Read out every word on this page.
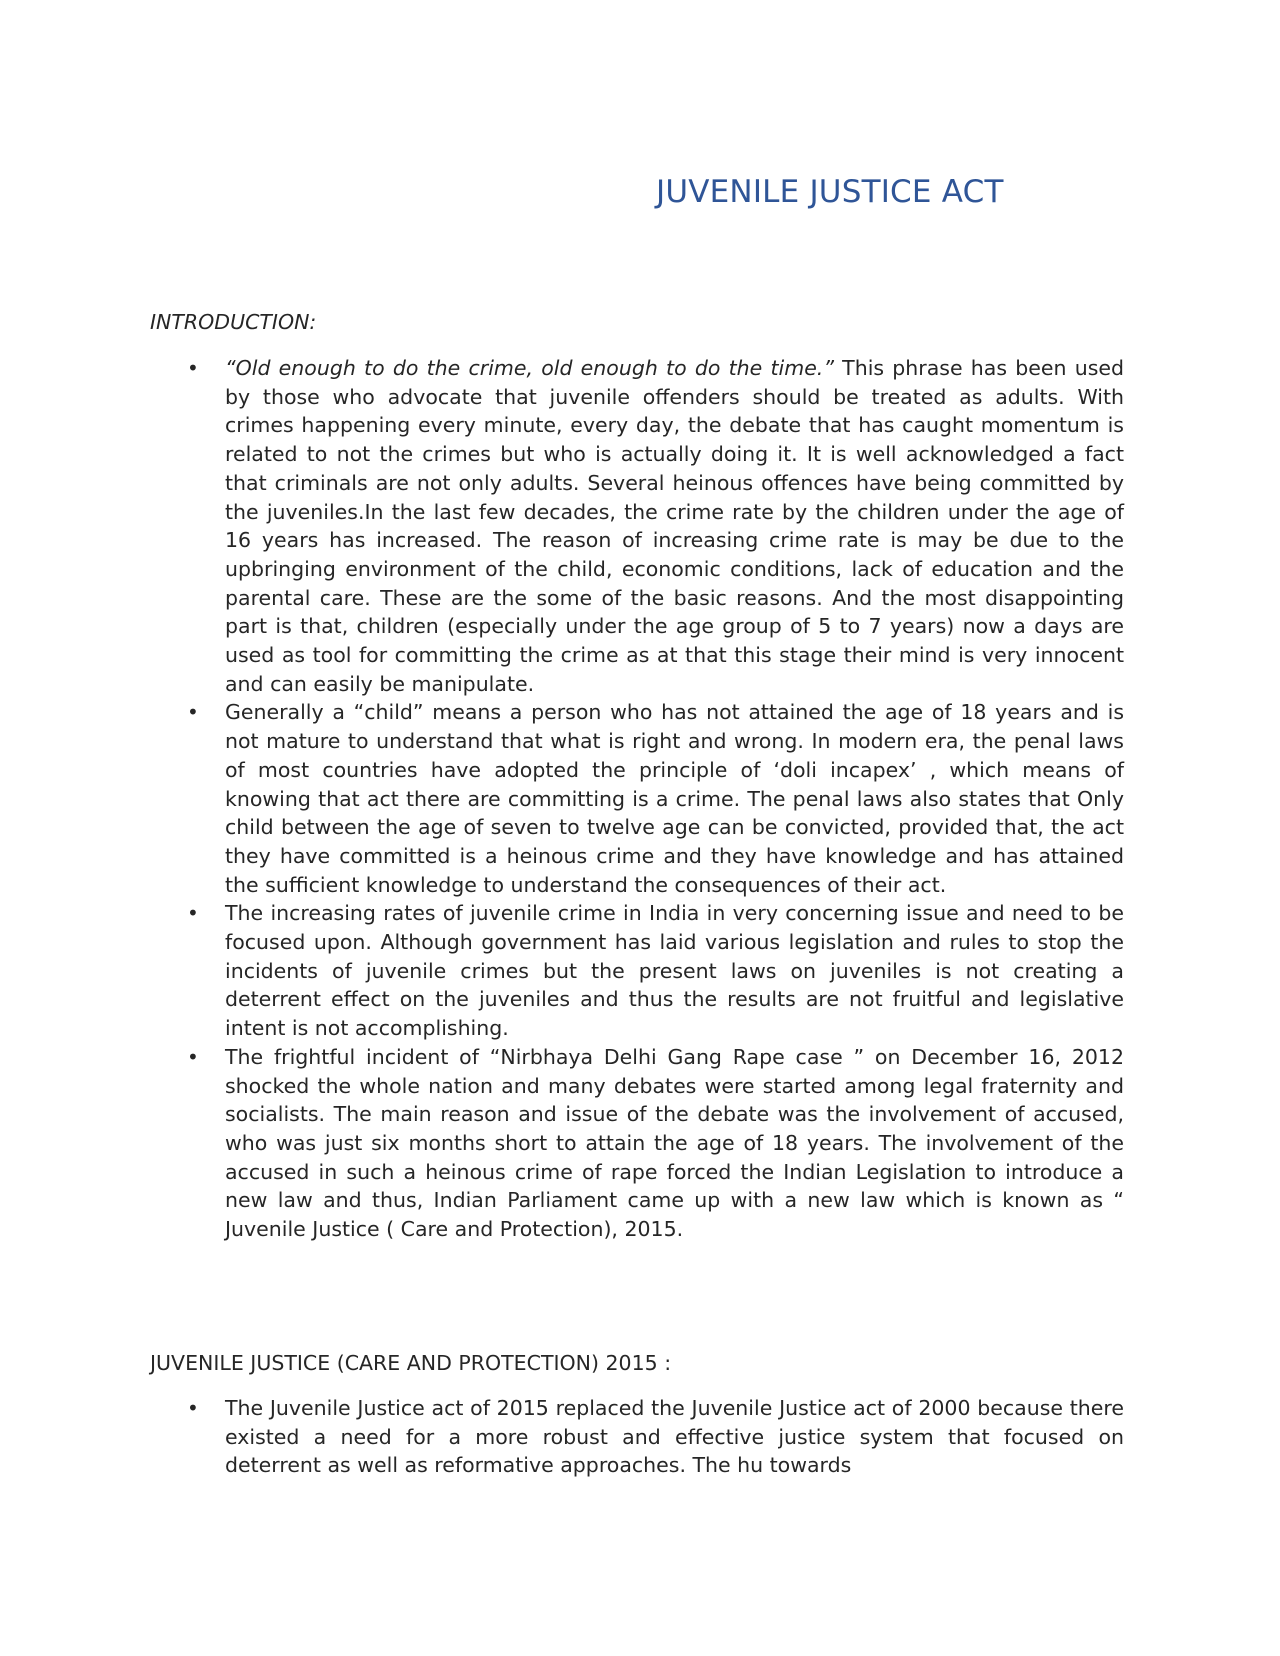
JUVENILE JUSTICE ACT

INTRODUCTION:

•	“Old enough to do the crime, old enough to do the time.” This phrase has been used by those who advocate that juvenile offenders should be treated as adults. With crimes happening every minute, every day, the debate that has caught momentum is related to not the crimes but who is actually doing it. It is well acknowledged a fact that criminals are not only adults. Several heinous offences have being committed by the juveniles.In the last few decades, the crime rate by the children under the age of 16 years has increased. The reason of increasing crime rate is may be due to the upbringing environment of the child, economic conditions, lack of education and the parental care. These are the some of the basic reasons. And the most disappointing part is that, children (especially under the age group of 5 to 7 years) now a days are used as tool for committing the crime as at that this stage their mind is very innocent and can easily be manipulate.
•	Generally a “child” means a person who has not attained the age of 18 years and is not mature to understand that what is right and wrong. In modern era, the penal laws of most countries have adopted the principle of ‘doli incapex’ , which means of knowing that act there are committing is a crime. The penal laws also states that Only child between the age of seven to twelve age can be convicted, provided that, the act they have committed is a heinous crime and they have knowledge and has attained the sufficient knowledge to understand the consequences of their act.
•	The increasing rates of juvenile crime in India in very concerning issue and need to be focused upon. Although government has laid various legislation and rules to stop the incidents of juvenile crimes but the present laws on juveniles is not creating a deterrent effect on the juveniles and thus the results are not fruitful and legislative intent is not accomplishing.
•	The frightful incident of “Nirbhaya Delhi Gang Rape case ” on December 16, 2012 shocked the whole nation and many debates were started among legal fraternity and socialists. The main reason and issue of the debate was the involvement of accused, who was just six months short to attain the age of 18 years. The involvement of the accused in such a heinous crime of rape forced the Indian Legislation to introduce a new law and thus, Indian Parliament came up with a new law which is known as “ Juvenile Justice ( Care and Protection), 2015.

JUVENILE JUSTICE (CARE AND PROTECTION) 2015 :

•	The Juvenile Justice act of 2015 replaced the Juvenile Justice act of 2000 because there existed a need for a more robust and effective justice system that focused on deterrent as well as reformative approaches. The hu towards
